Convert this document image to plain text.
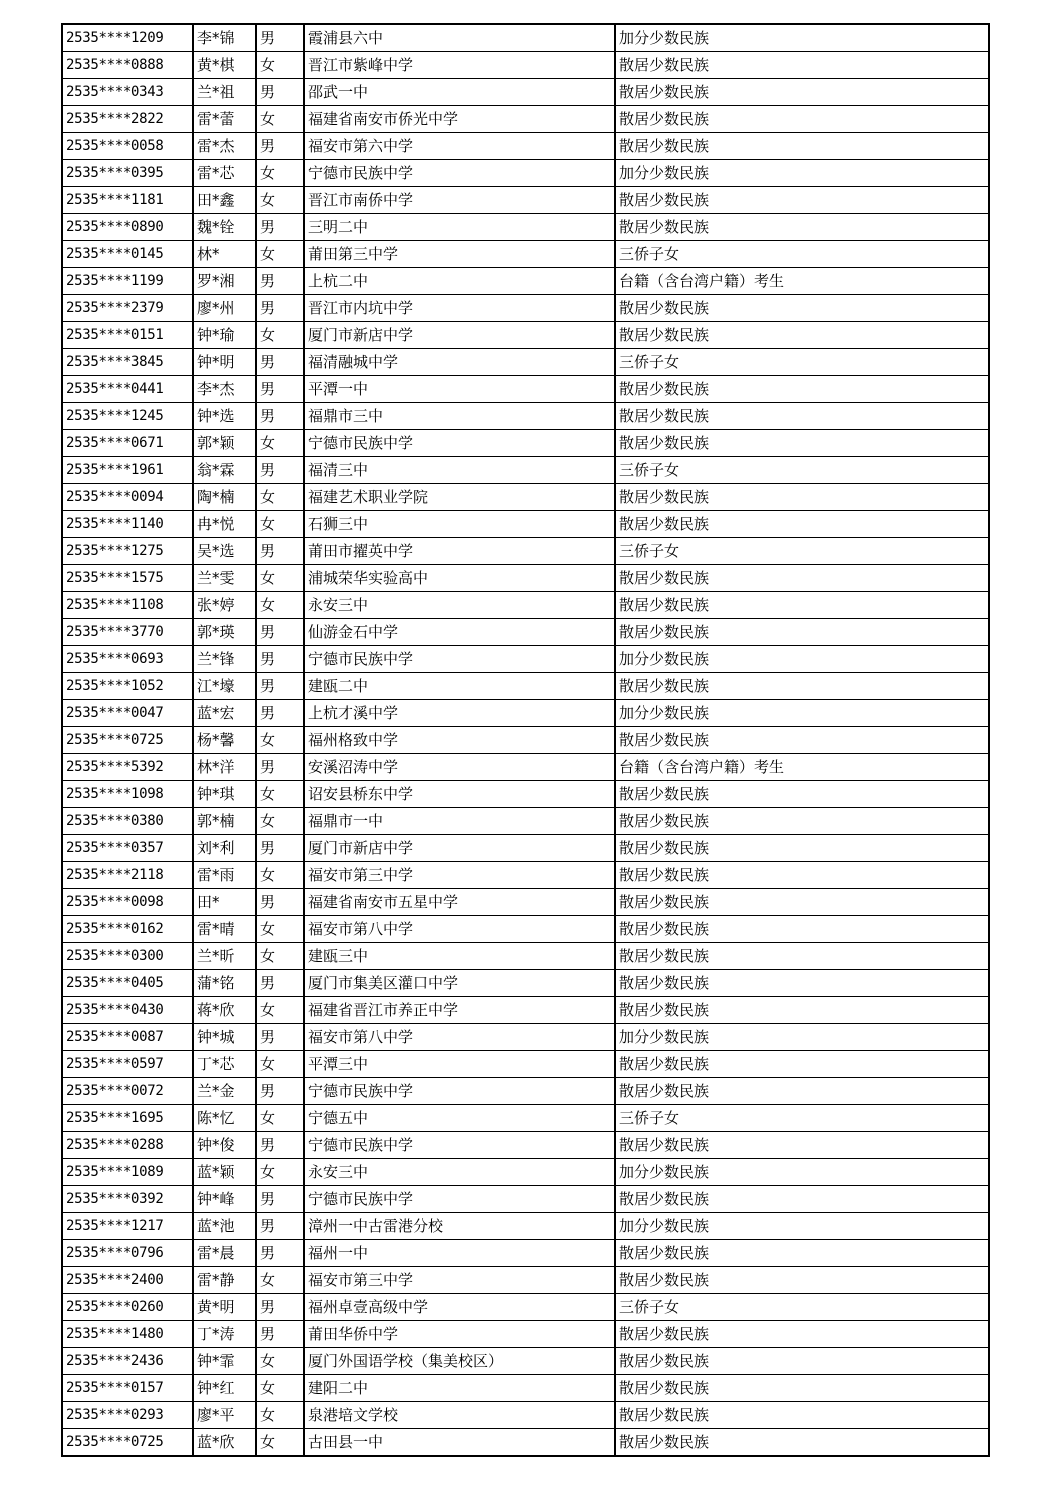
2535****1209	李*锦	男	霞浦县六中	加分少数民族
2535****0888	黄*棋	女	晋江市紫峰中学	散居少数民族
2535****0343	兰*祖	男	邵武一中	散居少数民族
2535****2822	雷*蕾	女	福建省南安市侨光中学	散居少数民族
2535****0058	雷*杰	男	福安市第六中学	散居少数民族
2535****0395	雷*芯	女	宁德市民族中学	加分少数民族
2535****1181	田*鑫	女	晋江市南侨中学	散居少数民族
2535****0890	魏*铨	男	三明二中	散居少数民族
2535****0145	林*	女	莆田第三中学	三侨子女
2535****1199	罗*湘	男	上杭二中	台籍（含台湾户籍）考生
2535****2379	廖*州	男	晋江市内坑中学	散居少数民族
2535****0151	钟*瑜	女	厦门市新店中学	散居少数民族
2535****3845	钟*明	男	福清融城中学	三侨子女
2535****0441	李*杰	男	平潭一中	散居少数民族
2535****1245	钟*选	男	福鼎市三中	散居少数民族
2535****0671	郭*颖	女	宁德市民族中学	散居少数民族
2535****1961	翁*霖	男	福清三中	三侨子女
2535****0094	陶*楠	女	福建艺术职业学院	散居少数民族
2535****1140	冉*悦	女	石狮三中	散居少数民族
2535****1275	吴*选	男	莆田市擢英中学	三侨子女
2535****1575	兰*雯	女	浦城荣华实验高中	散居少数民族
2535****1108	张*婷	女	永安三中	散居少数民族
2535****3770	郭*瑛	男	仙游金石中学	散居少数民族
2535****0693	兰*锋	男	宁德市民族中学	加分少数民族
2535****1052	江*壕	男	建瓯二中	散居少数民族
2535****0047	蓝*宏	男	上杭才溪中学	加分少数民族
2535****0725	杨*馨	女	福州格致中学	散居少数民族
2535****5392	林*洋	男	安溪沼涛中学	台籍（含台湾户籍）考生
2535****1098	钟*琪	女	诏安县桥东中学	散居少数民族
2535****0380	郭*楠	女	福鼎市一中	散居少数民族
2535****0357	刘*利	男	厦门市新店中学	散居少数民族
2535****2118	雷*雨	女	福安市第三中学	散居少数民族
2535****0098	田*	男	福建省南安市五星中学	散居少数民族
2535****0162	雷*晴	女	福安市第八中学	散居少数民族
2535****0300	兰*昕	女	建瓯三中	散居少数民族
2535****0405	蒲*铭	男	厦门市集美区灌口中学	散居少数民族
2535****0430	蒋*欣	女	福建省晋江市养正中学	散居少数民族
2535****0087	钟*城	男	福安市第八中学	加分少数民族
2535****0597	丁*芯	女	平潭三中	散居少数民族
2535****0072	兰*金	男	宁德市民族中学	散居少数民族
2535****1695	陈*忆	女	宁德五中	三侨子女
2535****0288	钟*俊	男	宁德市民族中学	散居少数民族
2535****1089	蓝*颖	女	永安三中	加分少数民族
2535****0392	钟*峰	男	宁德市民族中学	散居少数民族
2535****1217	蓝*池	男	漳州一中古雷港分校	加分少数民族
2535****0796	雷*晨	男	福州一中	散居少数民族
2535****2400	雷*静	女	福安市第三中学	散居少数民族
2535****0260	黄*明	男	福州卓壹高级中学	三侨子女
2535****1480	丁*涛	男	莆田华侨中学	散居少数民族
2535****2436	钟*霏	女	厦门外国语学校（集美校区）	散居少数民族
2535****0157	钟*红	女	建阳二中	散居少数民族
2535****0293	廖*平	女	泉港培文学校	散居少数民族
2535****0725	蓝*欣	女	古田县一中	散居少数民族
